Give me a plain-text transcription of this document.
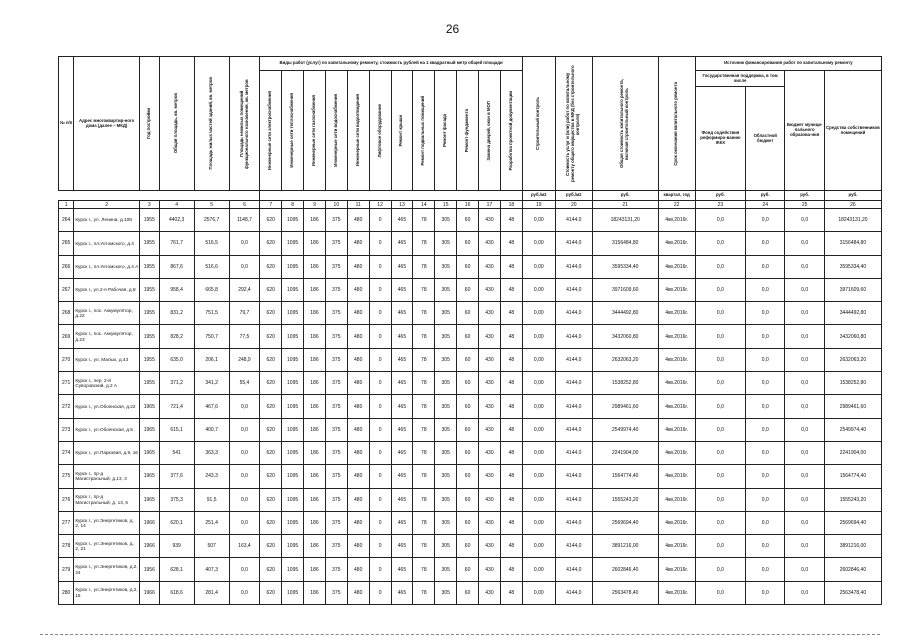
26
№ п/п	Адрес многоквартир-ного дома (далее – МКД)	Год постройки	Общая площадь, кв. метров	Площадь жилых частей зданий, кв. метров	Площадь нежилых помещений функционального назначения, кв. метров	Виды работ (услуг) по капитальному ремонту, стоимость рублей на 1 квадратный метр общей площади												Строительный контроль	Стоимость услуг и (или) работ по капитальному ремонту общего имущества в МКД (без строительного контроля)	Общая стоимость капитального ремонта, включая строительный контроль	Срок окончания капитального ремонта	Источник финансирования работ по капитальному ремонту			

						Инженерные сети электроснабжения	Инженерные сети теплоснабжения	Инженерные сети газоснабжения	Инженерные сети водоснабжения	Инженерные сети водоотведения	Лифтовое оборудование	Ремонт крыши	Ремонт подвальных помещений	Ремонт фасада	Ремонт фундамента	Замена дверей, окон в МОП	Разработка проектной документации					Государственная поддержка, в том числе		Бюджет муници-пального образова-ния	Средства собственников помещений
																						Фонд содействия реформиро-ванию ЖКХ	Областной бюджет		
																		руб./м2	руб./м2	руб.	квартал, год	руб.	руб.	руб.	руб.
1	2	3	4	5	6	7	8	9	10	11	12	13	14	15	16	17	18	19	20	21	22	23	24	25	26
264	Курск г., ул. Ленина, д.108	1955	4402,3	2576,7	1148,7	620	1095	186	375	480	0	465	78	305	60	430	48	0,00	4144,0	18243131,20	4кв.2016г.	0,0	0,0	0,0	18243131,20
265	Курск г., пл.Уотомского, д.4	1955	761,7	516,5	0,0	620	1095	186	375	480	0	465	78	305	60	430	48	0,00	4144,0	3156484,80	4кв.2016г.	0,0	0,0	0,0	3156484,80
266	Курск г., пл.Уотомского, д.4 А	1955	867,6	516,6	0,0	620	1095	186	375	480	0	465	78	305	60	430	48	0,00	4144,0	3595334,40	4кв.2016г.	0,0	0,0	0,0	3595334,40
267	Курск г., ул.2-я Рабочая, д.8	1955	958,4	665,8	292,4	620	1095	186	375	480	0	465	78	305	60	430	48	0,00	4144,0	3971609,60	4кв.2016г.	0,0	0,0	0,0	3971609,60
268	Курск г., пос. Аккумулятор, д.22	1955	831,2	751,5	79,7	620	1095	186	375	480	0	465	78	305	60	430	48	0,00	4144,0	3444492,80	4кв.2016г.	0,0	0,0	0,0	3444492,80
269	Курск г., пос. Аккумулятор, д.23	1955	828,2	750,7	77,5	620	1095	186	375	480	0	465	78	305	60	430	48	0,00	4144,0	3432060,80	4кв.2016г.	0,0	0,0	0,0	3432060,80
270	Курск г., ул. Малых, д.43	1955	635,0	206,1	248,9	620	1095	186	375	480	0	465	78	305	60	430	48	0,00	4144,0	2632063,20	4кв.2016г.	0,0	0,0	0,0	2632063,20
271	Курск г., пер. 2-й Суворовский, д.2 А	1955	371,2	341,2	55,4	620	1095	186	375	480	0	465	78	305	60	430	48	0,00	4144,0	1538252,80	4кв.2016г.	0,0	0,0	0,0	1538252,80
272	Курск г., ул.Обоянская, д.22	1965	721,4	467,6	0,0	620	1095	186	375	480	0	465	78	305	60	430	48	0,00	4144,0	2989461,60	4кв.2016г.	0,0	0,0	0,0	2989461,60
273	Курск г., ул.Обоянская, д.5	1965	615,1	400,7	0,0	620	1095	186	375	480	0	465	78	305	60	430	48	0,00	4144,0	2549974,40	4кв.2016г.	0,0	0,0	0,0	2549974,40
274	Курск г., ул.Парковая, д.9, 16	1965	541	363,3	0,0	620	1095	186	375	480	0	465	78	305	60	430	48	0,00	4144,0	2241904,00	4кв.2016г.	0,0	0,0	0,0	2241904,00
275	Курск г., пр-д Магистральный, д.13, 3	1965	377,6	243,3	0,0	620	1095	186	375	480	0	465	78	305	60	430	48	0,00	4144,0	1564774,40	4кв.2016г.	0,0	0,0	0,0	1564774,40
276	Курск г., пр-д Магистральный, д. 13, 6	1965	375,3	91,5	0,0	620	1095	186	375	480	0	465	78	305	60	430	48	0,00	4144,0	1555243,20	4кв.2016г.	0,0	0,0	0,0	1555243,20
277	Курск г., ул.Энергетиков, д. 2, 14	1966	620,1	251,4	0,0	620	1095	186	375	480	0	465	78	305	60	430	48	0,00	4144,0	2569694,40	4кв.2016г.	0,0	0,0	0,0	2569694,40
278	Курск г., ул.Энергетиков, д. 2, 21	1966	939	507	163,4	620	1095	186	375	480	0	465	78	305	60	430	48	0,00	4144,0	3891216,00	4кв.2016г.	0,0	0,0	0,0	3891216,00
279	Курск г., ул.Энергетиков, д.2, 24	1956	628,1	407,3	0,0	620	1095	186	375	480	0	465	78	305	60	430	48	0,00	4144,0	2602846,40	4кв.2016г.	0,0	0,0	0,0	2602846,40
280	Курск г., ул.Энергетиков, д.2, 15	1966	618,6	281,4	0,0	620	1095	186	375	480	0	465	78	305	60	430	48	0,00	4144,0	2563478,40	4кв.2016г.	0,0	0,0	0,0	2563478,40
